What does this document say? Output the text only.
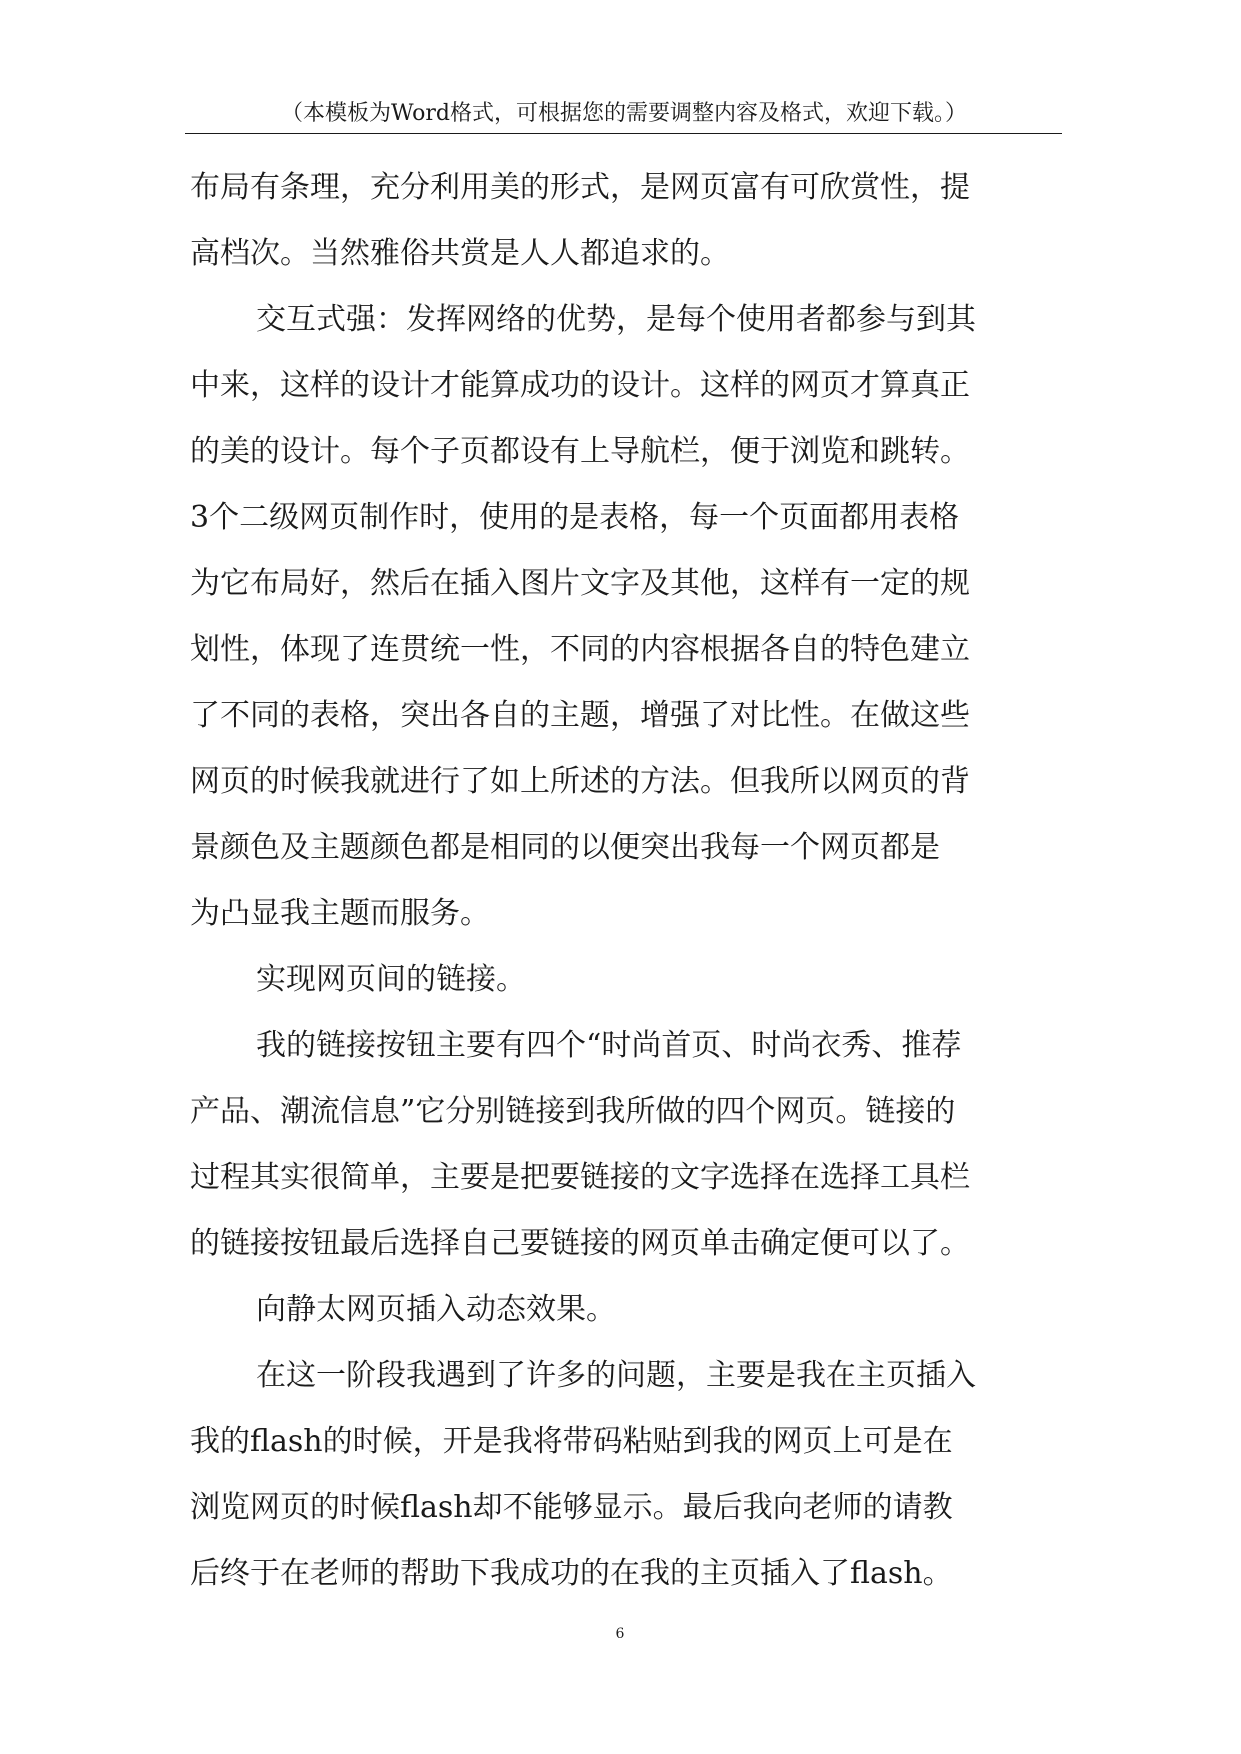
（本模板为Word格式，可根据您的需要调整内容及格式，欢迎下载。）
布局有条理，充分利用美的形式，是网页富有可欣赏性，提
高档次。当然雅俗共赏是人人都追求的。
交互式强：发挥网络的优势，是每个使用者都参与到其
中来，这样的设计才能算成功的设计。这样的网页才算真正
的美的设计。每个子页都设有上导航栏，便于浏览和跳转。
3个二级网页制作时，使用的是表格，每一个页面都用表格
为它布局好，然后在插入图片文字及其他，这样有一定的规
划性，体现了连贯统一性，不同的内容根据各自的特色建立
了不同的表格，突出各自的主题，增强了对比性。在做这些
网页的时候我就进行了如上所述的方法。但我所以网页的背
景颜色及主题颜色都是相同的以便突出我每一个网页都是
为凸显我主题而服务。
实现网页间的链接。
我的链接按钮主要有四个“时尚首页、时尚衣秀、推荐
产品、潮流信息”它分别链接到我所做的四个网页。链接的
过程其实很简单，主要是把要链接的文字选择在选择工具栏
的链接按钮最后选择自己要链接的网页单击确定便可以了。
向静太网页插入动态效果。
在这一阶段我遇到了许多的问题，主要是我在主页插入
我的flash的时候，开是我将带码粘贴到我的网页上可是在
浏览网页的时候flash却不能够显示。最后我向老师的请教
后终于在老师的帮助下我成功的在我的主页插入了flash。
6
